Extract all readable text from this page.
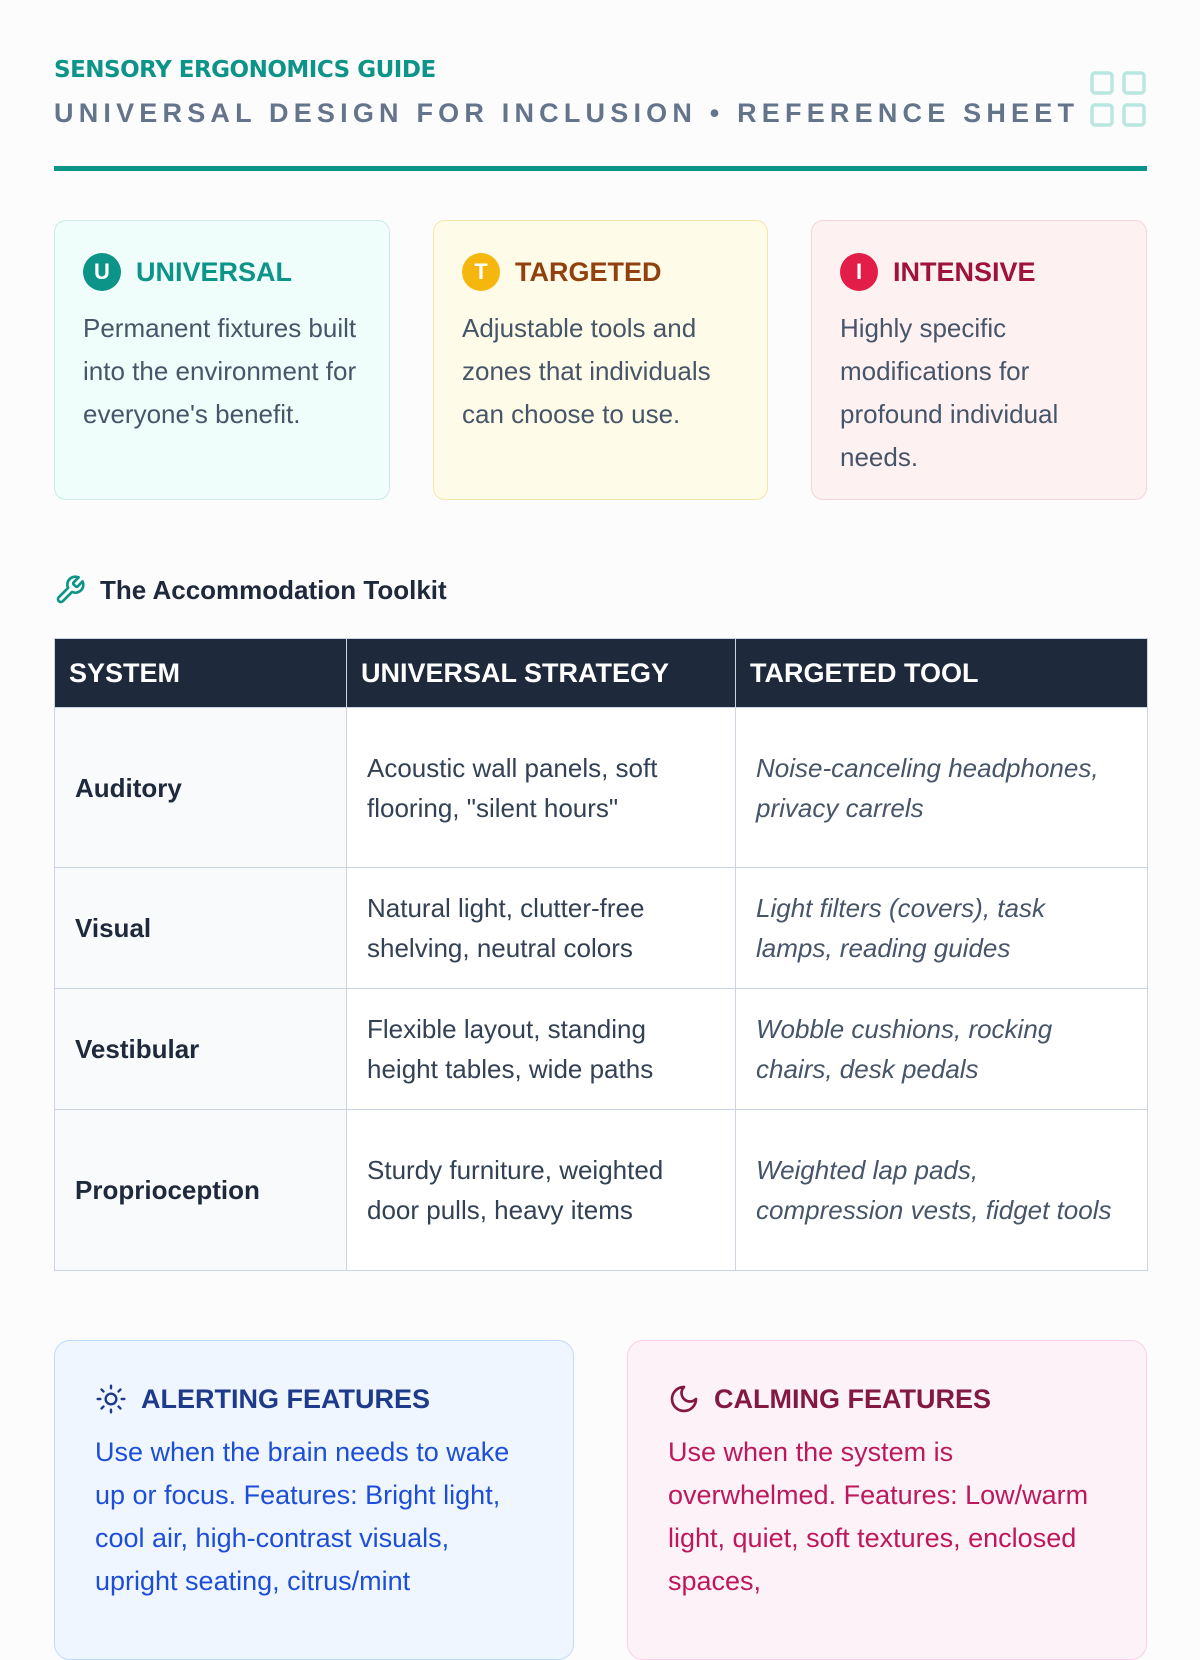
SENSORY ERGONOMICS GUIDE
UNIVERSAL DESIGN FOR INCLUSION • REFERENCE SHEET
U UNIVERSAL
Permanent fixtures built into the environment for everyone's benefit.
T	TARGETED
Adjustable tools and zones that individuals can choose to use.
I	INTENSIVE
Highly specific modifications for profound individual needs.
The Accommodation Toolkit
SYSTEM	UNIVERSAL STRATEGY	TARGETED TOOL
Auditory	Acoustic wall panels, soft flooring, "silent hours"	Noise-canceling headphones, privacy carrels
Visual	Natural light, clutter-free shelving, neutral colors	Light filters (covers), task lamps, reading guides
Vestibular	Flexible layout, standing height tables, wide paths	Wobble cushions, rocking chairs, desk pedals
Proprioception	Sturdy furniture, weighted door pulls, heavy items	Weighted lap pads, compression vests, fidget tools
ALERTING FEATURES
Use when the brain needs to wake up or focus. Features: Bright light, cool air, high-contrast visuals, upright seating, citrus/mint
CALMING FEATURES
Use when the system is overwhelmed. Features: Low/warm light, quiet, soft textures, enclosed spaces,
